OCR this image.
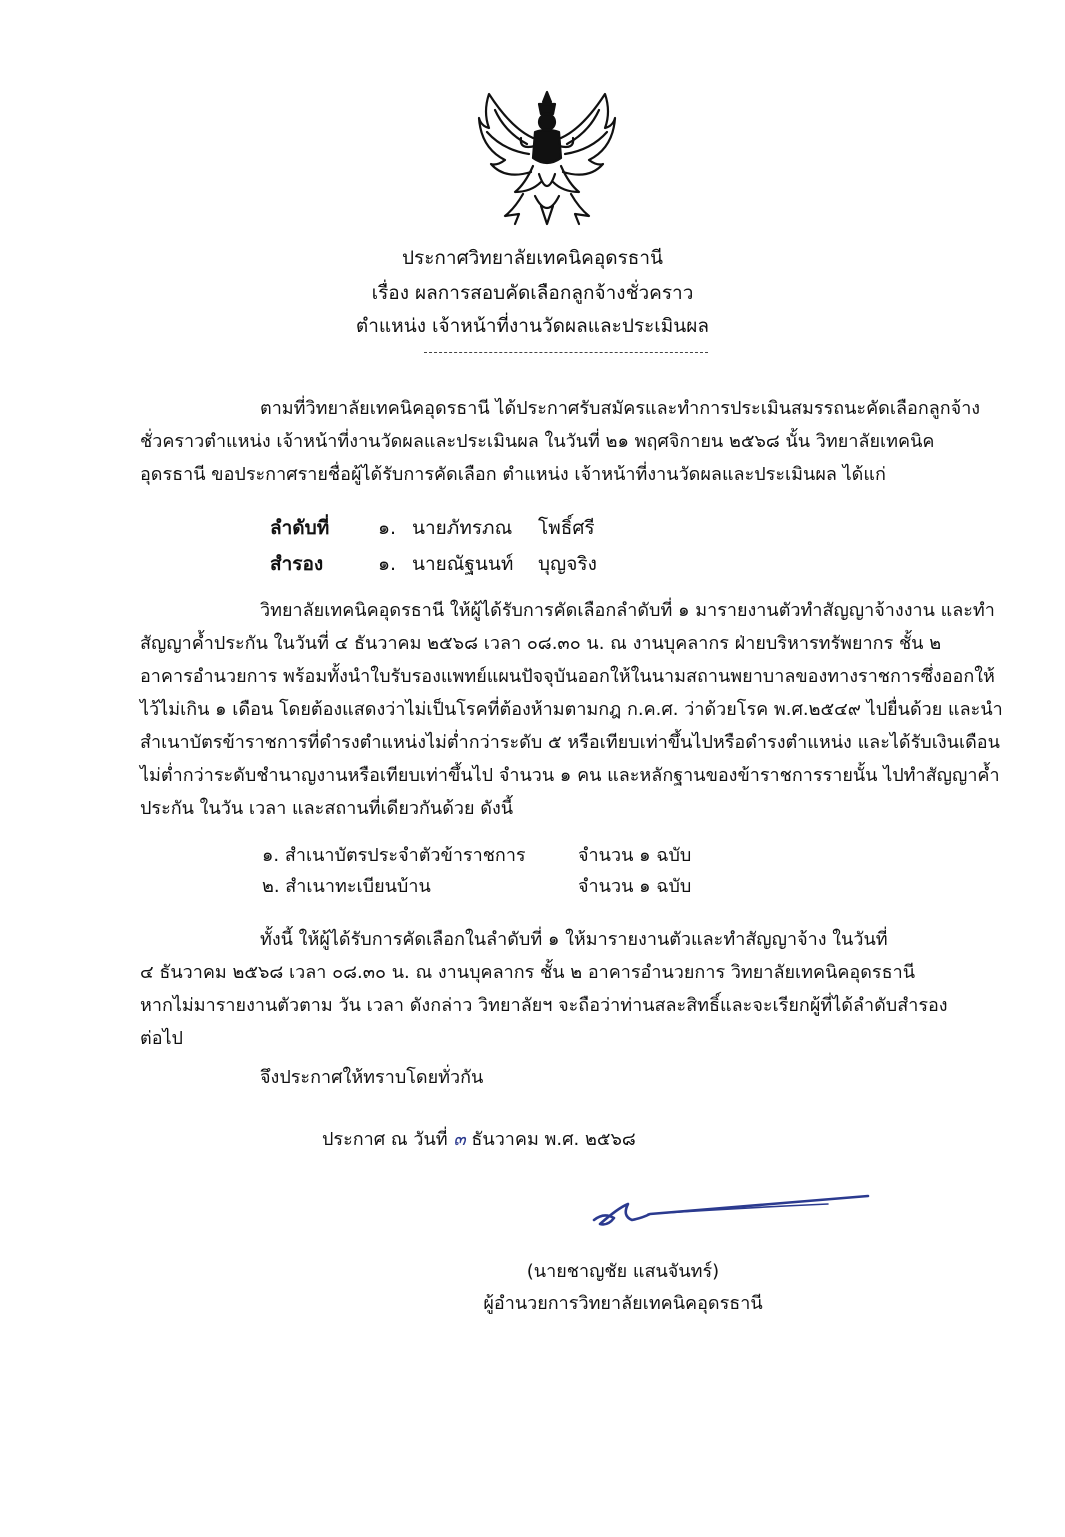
ประกาศวิทยาลัยเทคนิคอุดรธานี
เรื่อง ผลการสอบคัดเลือกลูกจ้างชั่วคราว
ตำแหน่ง เจ้าหน้าที่งานวัดผลและประเมินผล
ตามที่วิทยาลัยเทคนิคอุดรธานี ได้ประกาศรับสมัครและทำการประเมินสมรรถนะคัดเลือกลูกจ้าง
ชั่วคราวตำแหน่ง เจ้าหน้าที่งานวัดผลและประเมินผล ในวันที่ ๒๑ พฤศจิกายน ๒๕๖๘ นั้น วิทยาลัยเทคนิค
อุดรธานี ขอประกาศรายชื่อผู้ได้รับการคัดเลือก ตำแหน่ง เจ้าหน้าที่งานวัดผลและประเมินผล ได้แก่
ลำดับที่	๑. นายภัทรภณ โพธิ์ศรี
สำรอง	๑. นายณัฐนนท์ บุญจริง
วิทยาลัยเทคนิคอุดรธานี ให้ผู้ได้รับการคัดเลือกลำดับที่ ๑ มารายงานตัวทำสัญญาจ้างงาน และทำ
สัญญาค้ำประกัน ในวันที่ ๔ ธันวาคม ๒๕๖๘ เวลา ๐๘.๓๐ น. ณ งานบุคลากร ฝ่ายบริหารทรัพยากร ชั้น ๒
อาคารอำนวยการ พร้อมทั้งนำใบรับรองแพทย์แผนปัจจุบันออกให้ในนามสถานพยาบาลของทางราชการซึ่งออกให้
ไว้ไม่เกิน ๑ เดือน โดยต้องแสดงว่าไม่เป็นโรคที่ต้องห้ามตามกฎ ก.ค.ศ. ว่าด้วยโรค พ.ศ.๒๕๔๙ ไปยื่นด้วย และนำ
สำเนาบัตรข้าราชการที่ดำรงตำแหน่งไม่ต่ำกว่าระดับ ๕ หรือเทียบเท่าขึ้นไปหรือดำรงตำแหน่ง และได้รับเงินเดือน
ไม่ต่ำกว่าระดับชำนาญงานหรือเทียบเท่าขึ้นไป จำนวน ๑ คน และหลักฐานของข้าราชการรายนั้น ไปทำสัญญาค้ำ
ประกัน ในวัน เวลา และสถานที่เดียวกันด้วย ดังนี้
๑. สำเนาบัตรประจำตัวข้าราชการ	จำนวน ๑ ฉบับ
๒. สำเนาทะเบียนบ้าน	จำนวน ๑ ฉบับ
ทั้งนี้ ให้ผู้ได้รับการคัดเลือกในลำดับที่ ๑ ให้มารายงานตัวและทำสัญญาจ้าง ในวันที่
๔ ธันวาคม ๒๕๖๘ เวลา ๐๘.๓๐ น. ณ งานบุคลากร ชั้น ๒ อาคารอำนวยการ วิทยาลัยเทคนิคอุดรธานี
หากไม่มารายงานตัวตาม วัน เวลา ดังกล่าว วิทยาลัยฯ จะถือว่าท่านสละสิทธิ์และจะเรียกผู้ที่ได้ลำดับสำรอง
ต่อไป
จึงประกาศให้ทราบโดยทั่วกัน
ประกาศ ณ วันที่ ๓ ธันวาคม พ.ศ. ๒๕๖๘
(นายชาญชัย แสนจันทร์)
ผู้อำนวยการวิทยาลัยเทคนิคอุดรธานี
